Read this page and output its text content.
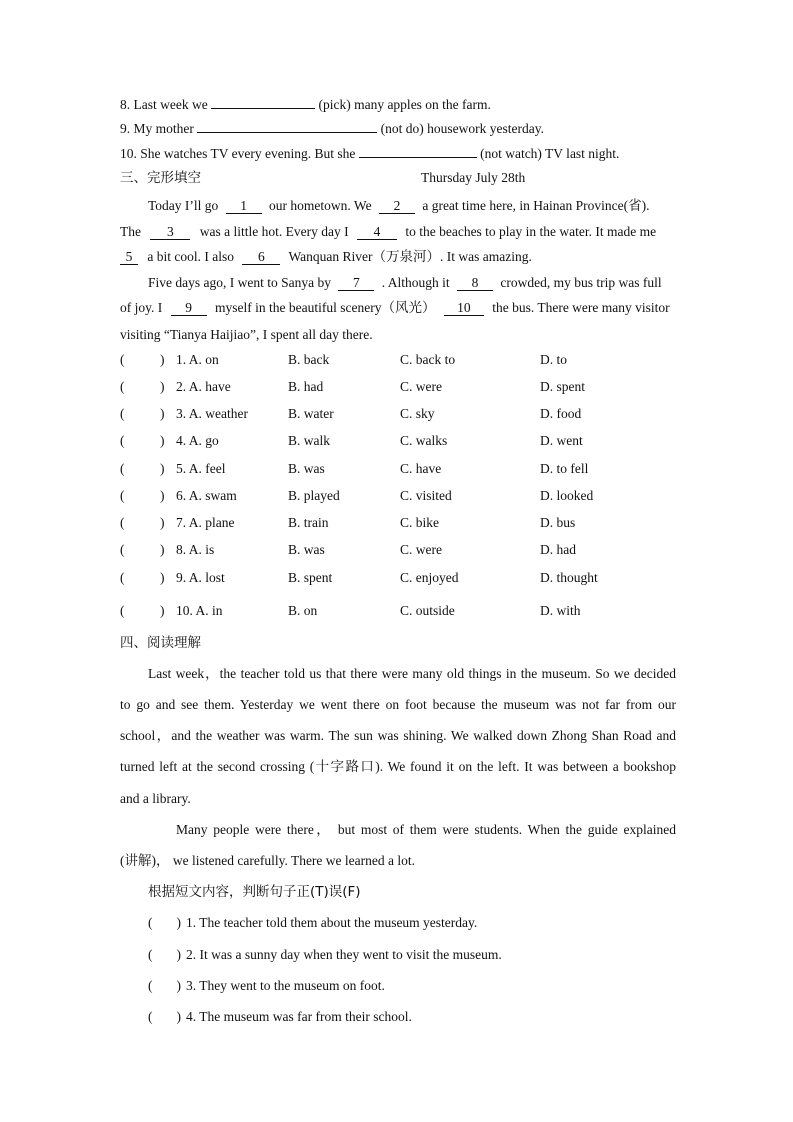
8. Last week we	(pick) many apples on the farm.
9. My mother	(not do) housework yesterday.
10. She watches TV every evening. But she	(not watch) TV last night.
三、完形填空	Thursday July 28th
Today I’ll go 1 our hometown. We 2 a great time here, in Hainan Province(省).
The 3 was a little hot. Every day I 4 to the beaches to play in the water. It made me
5 a bit cool. I also 6 Wanquan River（万泉河）. It was amazing.
Five days ago, I went to Sanya by 7 . Although it 8 crowded, my bus trip was full
of joy. I 9 myself in the beautiful scenery（风光） 10 the bus. There were many visitor
visiting “Tianya Haijiao”, I spent all day there.
(	) 1. A. on	B. back	C. back to	D. to
(	) 2. A. have	B. had	C. were	D. spent
(	) 3. A. weather	B. water	C. sky	D. food
(	) 4. A. go	B. walk	C. walks	D. went
(	) 5. A. feel	B. was	C. have	D. to fell
(	) 6. A. swam	B. played	C. visited	D. looked
(	) 7. A. plane	B. train	C. bike	D. bus
(	) 8. A. is	B. was	C. were	D. had
(	) 9. A. lost	B. spent	C. enjoyed	D. thought
(	) 10. A. in	B. on	C. outside	D. with
四、阅读理解
Last week，the teacher told us that there were many old things in the museum. So we decided
to go and see them. Yesterday we went there on foot because the museum was not far from our
school，and the weather was warm. The sun was shining. We walked down Zhong Shan Road and
turned left at the second crossing (十字路口). We found it on the left. It was between a bookshop
and a library.
Many people were there， but most of them were students. When the guide explained
(讲解)， we listened carefully. There we learned a lot.
根据短文内容，判断句子正(T)误(F)
( ) 1. The teacher told them about the museum yesterday.
( ) 2. It was a sunny day when they went to visit the museum.
( ) 3. They went to the museum on foot.
( ) 4. The museum was far from their school.
